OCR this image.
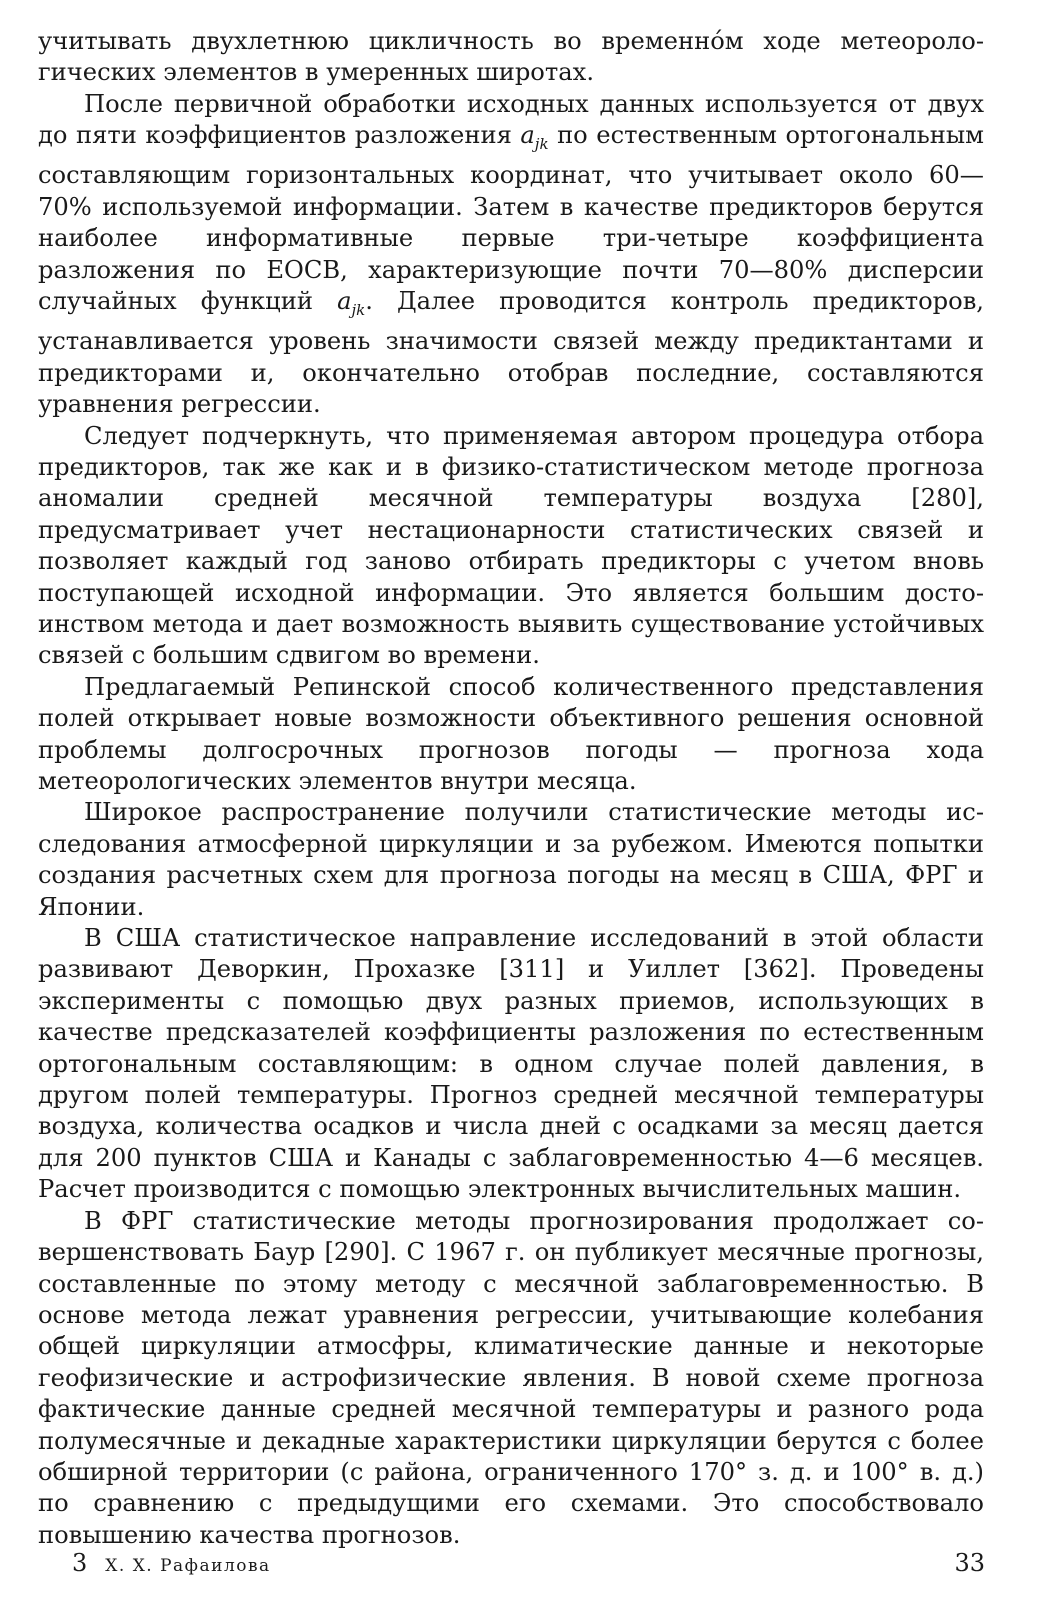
учитывать двухлетнюю цикличность во временно́м ходе метеорологических элементов в умеренных широтах.

После первичной обработки исходных данных используется от двух до пяти коэффициентов разложения $a_{jk}$ по естественным ортогональным составляющим горизонтальных координат, что учитывает около 60—70% используемой информации. Затем в качестве предикторов берутся наиболее информативные первые три-четыре коэффициента разложения по ЕОСВ, характеризующие почти 70—80% дисперсии случайных функций $a_{jk}$. Далее проводится контроль предикторов, устанавливается уровень значимости связей между предиктантами и предикторами и, окончательно отобрав последние, составляются уравнения регрессии.

Следует подчеркнуть, что применяемая автором процедура отбора предикторов, так же как и в физико-статистическом методе прогноза аномалии средней месячной температуры воздуха [280], предусматривает учет нестационарности статистических связей и позволяет каждый год заново отбирать предикторы с учетом вновь поступающей исходной информации. Это является большим достоинством метода и дает возможность выявить существование устойчивых связей с большим сдвигом во времени.

Предлагаемый Репинской способ количественного представления полей открывает новые возможности объективного решения основной проблемы долгосрочных прогнозов погоды — прогноза хода метеорологических элементов внутри месяца.

Широкое распространение получили статистические методы исследования атмосферной циркуляции и за рубежом. Имеются попытки создания расчетных схем для прогноза погоды на месяц в США, ФРГ и Японии.

В США статистическое направление исследований в этой области развивают Деворкин, Прохазке [311] и Уиллет [362]. Проведены эксперименты с помощью двух разных приемов, использующих в качестве предсказателей коэффициенты разложения по естественным ортогональным составляющим: в одном случае полей давления, в другом полей температуры. Прогноз средней месячной температуры воздуха, количества осадков и числа дней с осадками за месяц дается для 200 пунктов США и Канады с заблаговременностью 4—6 месяцев. Расчет производится с помощью электронных вычислительных машин.

В ФРГ статистические методы прогнозирования продолжает совершенствовать Баур [290]. С 1967 г. он публикует месячные прогнозы, составленные по этому методу с месячной заблаговременностью. В основе метода лежат уравнения регрессии, учитывающие колебания общей циркуляции атмосфры, климатические данные и некоторые геофизические и астрофизические явления. В новой схеме прогноза фактические данные средней месячной температуры и разного рода полумесячные и декадные характеристики циркуляции берутся с более обширной территории (с района, ограниченного 170° з. д. и 100° в. д.) по сравнению с предыдущими его схемами. Это способствовало повышению качества прогнозов.

3 Х. Х. Рафаилова	33
